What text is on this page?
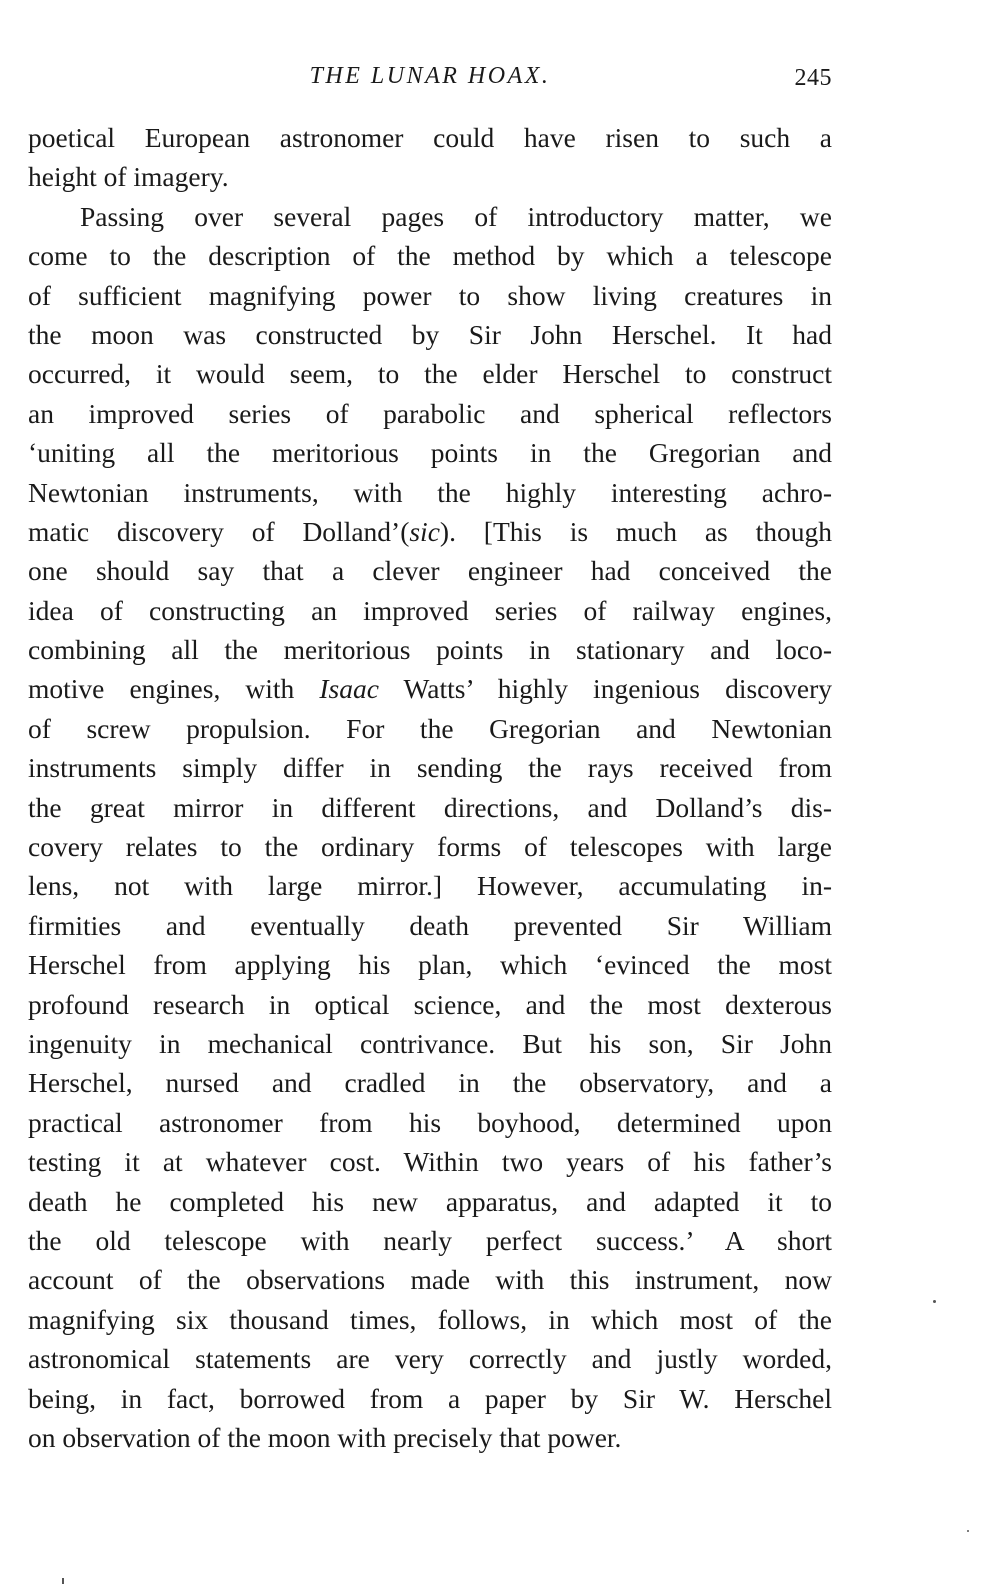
THE LUNAR HOAX.	245
poetical European astronomer could have risen to such a
height of imagery.
Passing over several pages of introductory matter, we
come to the description of the method by which a telescope
of sufficient magnifying power to show living creatures in
the moon was constructed by Sir John Herschel. It had
occurred, it would seem, to the elder Herschel to construct
an improved series of parabolic and spherical reflectors
‘uniting all the meritorious points in the Gregorian and
Newtonian instruments, with the highly interesting achro-
matic discovery of Dolland’(sic). [This is much as though
one should say that a clever engineer had conceived the
idea of constructing an improved series of railway engines,
combining all the meritorious points in stationary and loco-
motive engines, with Isaac Watts’ highly ingenious discovery
of screw propulsion. For the Gregorian and Newtonian
instruments simply differ in sending the rays received from
the great mirror in different directions, and Dolland’s dis-
covery relates to the ordinary forms of telescopes with large
lens, not with large mirror.] However, accumulating in-
firmities and eventually death prevented Sir William
Herschel from applying his plan, which ‘evinced the most
profound research in optical science, and the most dexterous
ingenuity in mechanical contrivance. But his son, Sir John
Herschel, nursed and cradled in the observatory, and a
practical astronomer from his boyhood, determined upon
testing it at whatever cost. Within two years of his father’s
death he completed his new apparatus, and adapted it to
the old telescope with nearly perfect success.’ A short
account of the observations made with this instrument, now
magnifying six thousand times, follows, in which most of the
astronomical statements are very correctly and justly worded,
being, in fact, borrowed from a paper by Sir W. Herschel
on observation of the moon with precisely that power.
